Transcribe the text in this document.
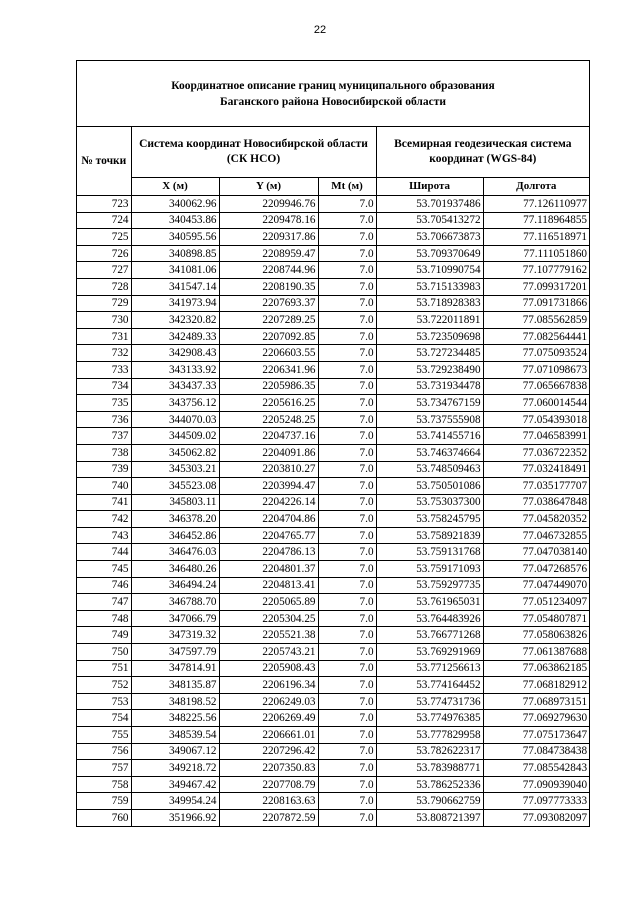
22
Координатное описание границ муниципального образования
Баганского района Новосибирской области
№ точки	Система координат Новосибирской области (СК НСО)			Всемирная геодезическая система координат (WGS-84)	
	X (м)	Y (м)	Mt (м)	Широта	Долгота
723	340062.96	2209946.76	7.0	53.701937486	77.126110977
724	340453.86	2209478.16	7.0	53.705413272	77.118964855
725	340595.56	2209317.86	7.0	53.706673873	77.116518971
726	340898.85	2208959.47	7.0	53.709370649	77.111051860
727	341081.06	2208744.96	7.0	53.710990754	77.107779162
728	341547.14	2208190.35	7.0	53.715133983	77.099317201
729	341973.94	2207693.37	7.0	53.718928383	77.091731866
730	342320.82	2207289.25	7.0	53.722011891	77.085562859
731	342489.33	2207092.85	7.0	53.723509698	77.082564441
732	342908.43	2206603.55	7.0	53.727234485	77.075093524
733	343133.92	2206341.96	7.0	53.729238490	77.071098673
734	343437.33	2205986.35	7.0	53.731934478	77.065667838
735	343756.12	2205616.25	7.0	53.734767159	77.060014544
736	344070.03	2205248.25	7.0	53.737555908	77.054393018
737	344509.02	2204737.16	7.0	53.741455716	77.046583991
738	345062.82	2204091.86	7.0	53.746374664	77.036722352
739	345303.21	2203810.27	7.0	53.748509463	77.032418491
740	345523.08	2203994.47	7.0	53.750501086	77.035177707
741	345803.11	2204226.14	7.0	53.753037300	77.038647848
742	346378.20	2204704.86	7.0	53.758245795	77.045820352
743	346452.86	2204765.77	7.0	53.758921839	77.046732855
744	346476.03	2204786.13	7.0	53.759131768	77.047038140
745	346480.26	2204801.37	7.0	53.759171093	77.047268576
746	346494.24	2204813.41	7.0	53.759297735	77.047449070
747	346788.70	2205065.89	7.0	53.761965031	77.051234097
748	347066.79	2205304.25	7.0	53.764483926	77.054807871
749	347319.32	2205521.38	7.0	53.766771268	77.058063826
750	347597.79	2205743.21	7.0	53.769291969	77.061387688
751	347814.91	2205908.43	7.0	53.771256613	77.063862185
752	348135.87	2206196.34	7.0	53.774164452	77.068182912
753	348198.52	2206249.03	7.0	53.774731736	77.068973151
754	348225.56	2206269.49	7.0	53.774976385	77.069279630
755	348539.54	2206661.01	7.0	53.777829958	77.075173647
756	349067.12	2207296.42	7.0	53.782622317	77.084738438
757	349218.72	2207350.83	7.0	53.783988771	77.085542843
758	349467.42	2207708.79	7.0	53.786252336	77.090939040
759	349954.24	2208163.63	7.0	53.790662759	77.097773333
760	351966.92	2207872.59	7.0	53.808721397	77.093082097
